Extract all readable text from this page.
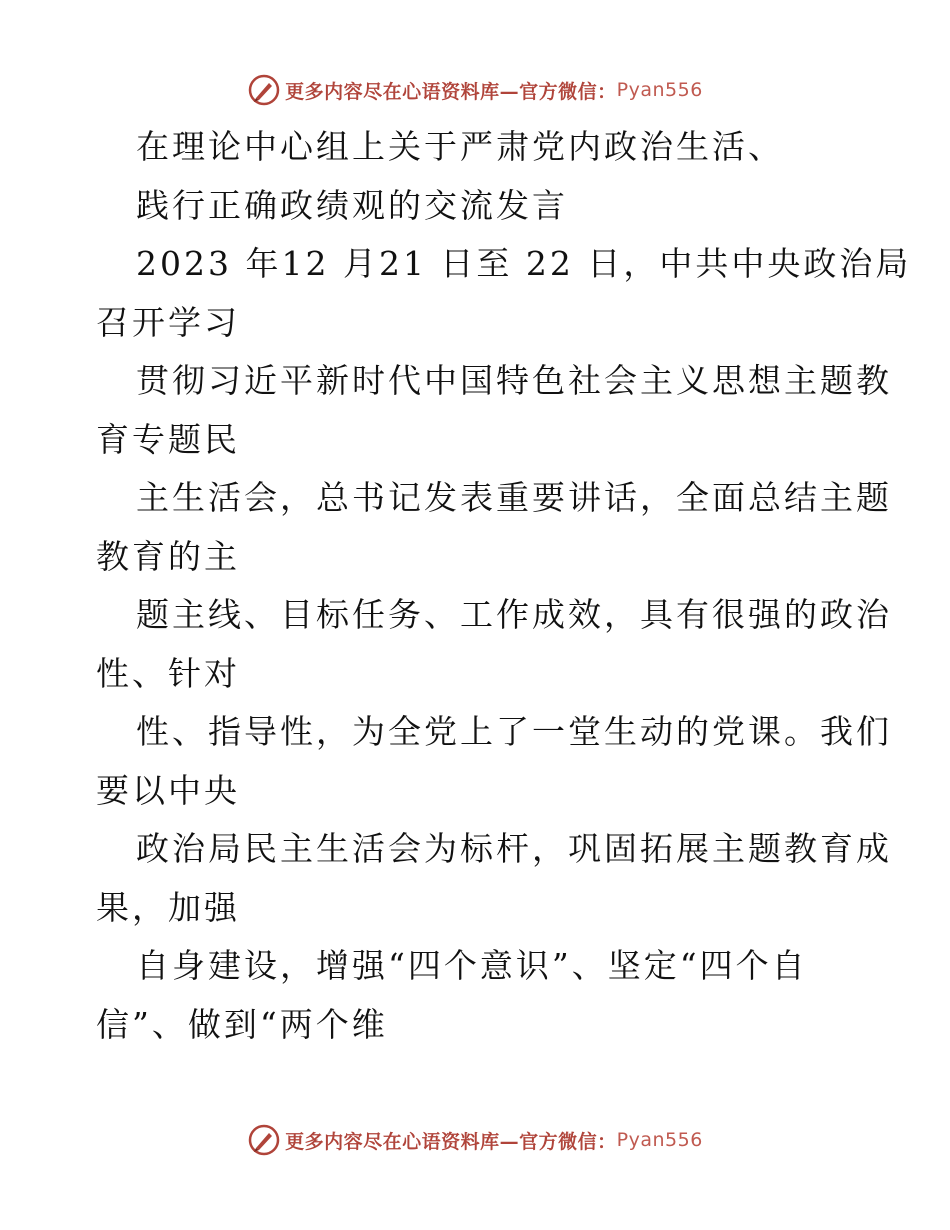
更多内容尽在心语资料库—官方微信： Pyan556
在理论中心组上关于严肃党内政治生活、
践行正确政绩观的交流发言
2023 年12 月21 日至 22 日，中共中央政治局
召开学习
贯彻习近平新时代中国特色社会主义思想主题教
育专题民
主生活会，总书记发表重要讲话，全面总结主题
教育的主
题主线、目标任务、工作成效，具有很强的政治
性、针对
性、指导性，为全党上了一堂生动的党课。我们
要以中央
政治局民主生活会为标杆，巩固拓展主题教育成
果，加强
自身建设，增强“四个意识”、坚定“四个自
信”、做到“两个维
更多内容尽在心语资料库—官方微信： Pyan556
